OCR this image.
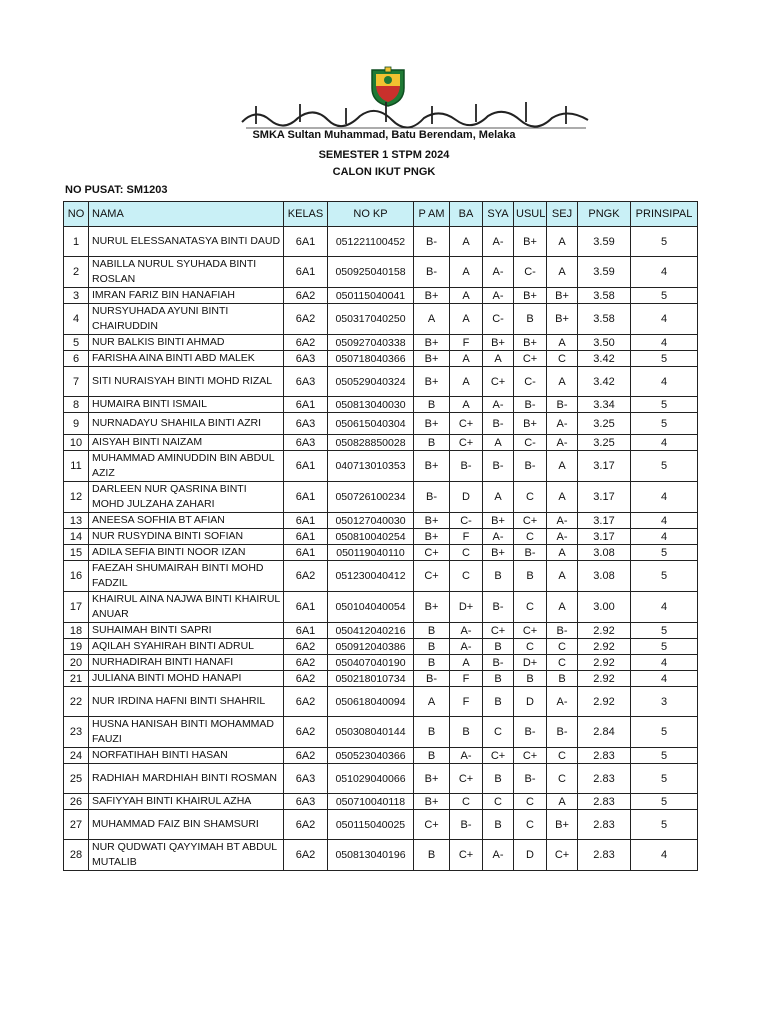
SMKA Sultan Muhammad, Batu Berendam, Melaka
SEMESTER 1 STPM 2024
CALON IKUT PNGK
NO PUSAT: SM1203
NO	NAMA	KELAS	NO KP	P AM	BA	SYA	USUL	SEJ	PNGK	PRINSIPAL
1	NURUL ELESSANATASYA BINTI DAUD	6A1	051221100452	B-	A	A-	B+	A	3.59	5
2	NABILLA NURUL SYUHADA BINTI ROSLAN	6A1	050925040158	B-	A	A-	C-	A	3.59	4
3	IMRAN FARIZ BIN HANAFIAH	6A2	050115040041	B+	A	A-	B+	B+	3.58	5
4	NURSYUHADA AYUNI BINTI CHAIRUDDIN	6A2	050317040250	A	A	C-	B	B+	3.58	4
5	NUR BALKIS BINTI AHMAD	6A2	050927040338	B+	F	B+	B+	A	3.50	4
6	FARISHA AINA BINTI ABD MALEK	6A3	050718040366	B+	A	A	C+	C	3.42	5
7	SITI NURAISYAH BINTI MOHD RIZAL	6A3	050529040324	B+	A	C+	C-	A	3.42	4
8	HUMAIRA BINTI ISMAIL	6A1	050813040030	B	A	A-	B-	B-	3.34	5
9	NURNADAYU SHAHILA BINTI AZRI	6A3	050615040304	B+	C+	B-	B+	A-	3.25	5
10	AISYAH BINTI NAIZAM	6A3	050828850028	B	C+	A	C-	A-	3.25	4
11	MUHAMMAD AMINUDDIN BIN ABDUL AZIZ	6A1	040713010353	B+	B-	B-	B-	A	3.17	5
12	DARLEEN NUR QASRINA BINTI MOHD JULZAHA ZAHARI	6A1	050726100234	B-	D	A	C	A	3.17	4
13	ANEESA SOFHIA BT AFIAN	6A1	050127040030	B+	C-	B+	C+	A-	3.17	4
14	NUR RUSYDINA BINTI SOFIAN	6A1	050810040254	B+	F	A-	C	A-	3.17	4
15	ADILA SEFIA BINTI NOOR IZAN	6A1	050119040110	C+	C	B+	B-	A	3.08	5
16	FAEZAH SHUMAIRAH BINTI MOHD FADZIL	6A2	051230040412	C+	C	B	B	A	3.08	5
17	KHAIRUL AINA NAJWA BINTI KHAIRUL ANUAR	6A1	050104040054	B+	D+	B-	C	A	3.00	4
18	SUHAIMAH BINTI SAPRI	6A1	050412040216	B	A-	C+	C+	B-	2.92	5
19	AQILAH SYAHIRAH BINTI ADRUL	6A2	050912040386	B	A-	B	C	C	2.92	5
20	NURHADIRAH BINTI HANAFI	6A2	050407040190	B	A	B-	D+	C	2.92	4
21	JULIANA BINTI MOHD HANAPI	6A2	050218010734	B-	F	B	B	B	2.92	4
22	NUR IRDINA HAFNI BINTI SHAHRIL	6A2	050618040094	A	F	B	D	A-	2.92	3
23	HUSNA HANISAH BINTI MOHAMMAD FAUZI	6A2	050308040144	B	B	C	B-	B-	2.84	5
24	NORFATIHAH BINTI HASAN	6A2	050523040366	B	A-	C+	C+	C	2.83	5
25	RADHIAH MARDHIAH BINTI ROSMAN	6A3	051029040066	B+	C+	B	B-	C	2.83	5
26	SAFIYYAH BINTI KHAIRUL AZHA	6A3	050710040118	B+	C	C	C	A	2.83	5
27	MUHAMMAD FAIZ BIN SHAMSURI	6A2	050115040025	C+	B-	B	C	B+	2.83	5
28	NUR QUDWATI QAYYIMAH BT ABDUL MUTALIB	6A2	050813040196	B	C+	A-	D	C+	2.83	4
